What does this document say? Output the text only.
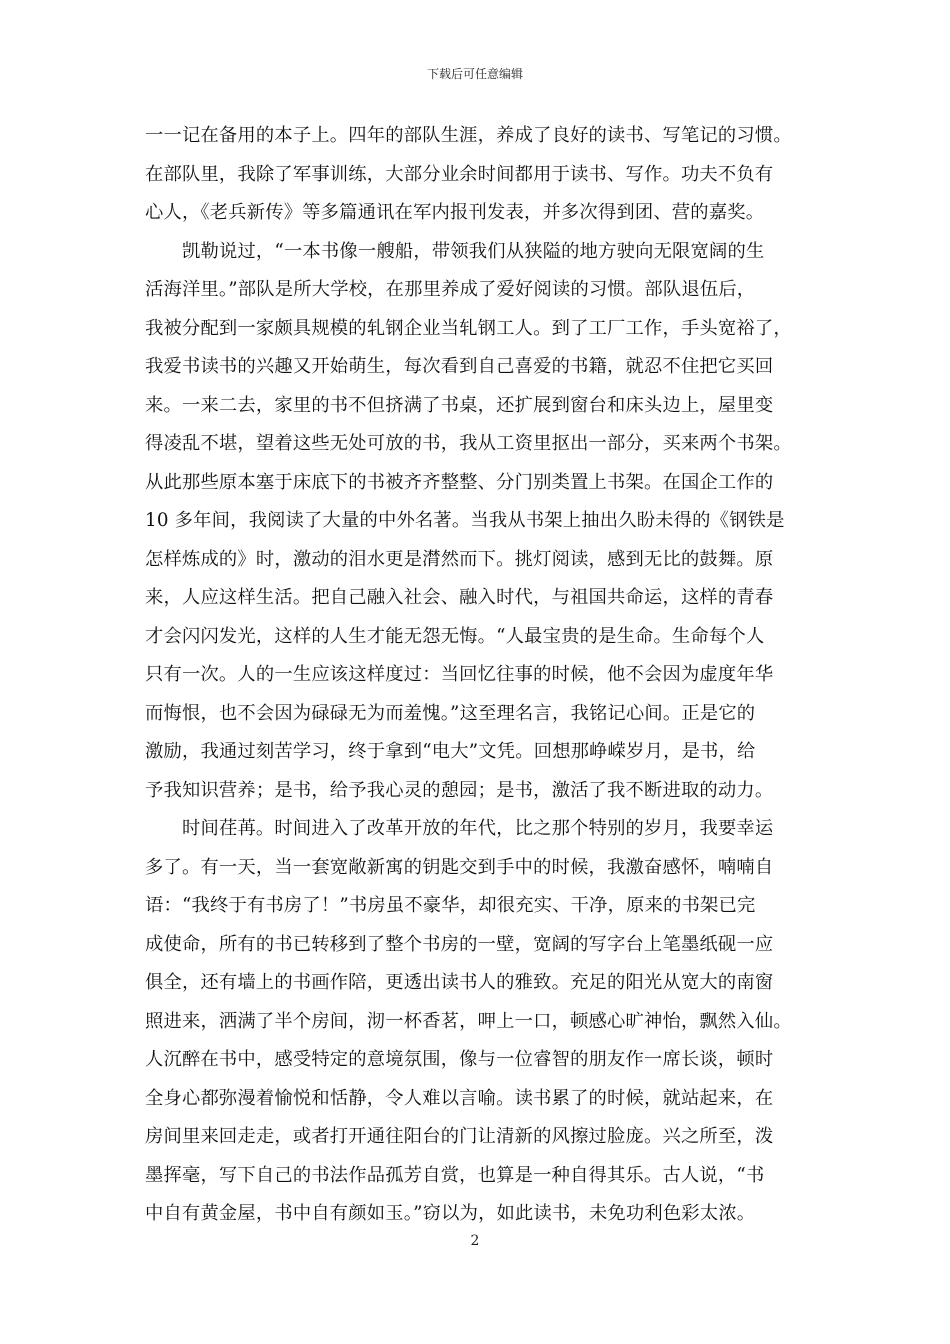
下载后可任意编辑
一一记在备用的本子上。四年的部队生涯，养成了良好的读书、写笔记的习惯。
在部队里，我除了军事训练，大部分业余时间都用于读书、写作。功夫不负有
心人，《老兵新传》等多篇通讯在军内报刊发表，并多次得到团、营的嘉奖。
凯勒说过，“一本书像一艘船，带领我们从狭隘的地方驶向无限宽阔的生
活海洋里。”部队是所大学校，在那里养成了爱好阅读的习惯。部队退伍后，
我被分配到一家颇具规模的轧钢企业当轧钢工人。到了工厂工作，手头宽裕了，
我爱书读书的兴趣又开始萌生，每次看到自己喜爱的书籍，就忍不住把它买回
来。一来二去，家里的书不但挤满了书桌，还扩展到窗台和床头边上，屋里变
得凌乱不堪，望着这些无处可放的书，我从工资里抠出一部分，买来两个书架。
从此那些原本塞于床底下的书被齐齐整整、分门别类置上书架。在国企工作的
10 多年间，我阅读了大量的中外名著。当我从书架上抽出久盼未得的《钢铁是
怎样炼成的》时，激动的泪水更是潸然而下。挑灯阅读，感到无比的鼓舞。原
来，人应这样生活。把自己融入社会、融入时代，与祖国共命运，这样的青春
才会闪闪发光，这样的人生才能无怨无悔。“人最宝贵的是生命。生命每个人
只有一次。人的一生应该这样度过：当回忆往事的时候，他不会因为虚度年华
而悔恨，也不会因为碌碌无为而羞愧。”这至理名言，我铭记心间。正是它的
激励，我通过刻苦学习，终于拿到“电大”文凭。回想那峥嵘岁月，是书，给
予我知识营养；是书，给予我心灵的憩园；是书，激活了我不断进取的动力。
时间荏苒。时间进入了改革开放的年代，比之那个特别的岁月，我要幸运
多了。有一天，当一套宽敞新寓的钥匙交到手中的时候，我激奋感怀，喃喃自
语：“我终于有书房了！”书房虽不豪华，却很充实、干净，原来的书架已完
成使命，所有的书已转移到了整个书房的一壁，宽阔的写字台上笔墨纸砚一应
俱全，还有墙上的书画作陪，更透出读书人的雅致。充足的阳光从宽大的南窗
照进来，洒满了半个房间，沏一杯香茗，呷上一口，顿感心旷神怡，飘然入仙。
人沉醉在书中，感受特定的意境氛围，像与一位睿智的朋友作一席长谈，顿时
全身心都弥漫着愉悦和恬静，令人难以言喻。读书累了的时候，就站起来，在
房间里来回走走，或者打开通往阳台的门让清新的风擦过脸庞。兴之所至，泼
墨挥毫，写下自己的书法作品孤芳自赏，也算是一种自得其乐。古人说，“书
中自有黄金屋，书中自有颜如玉。”窃以为，如此读书，未免功利色彩太浓。
2
